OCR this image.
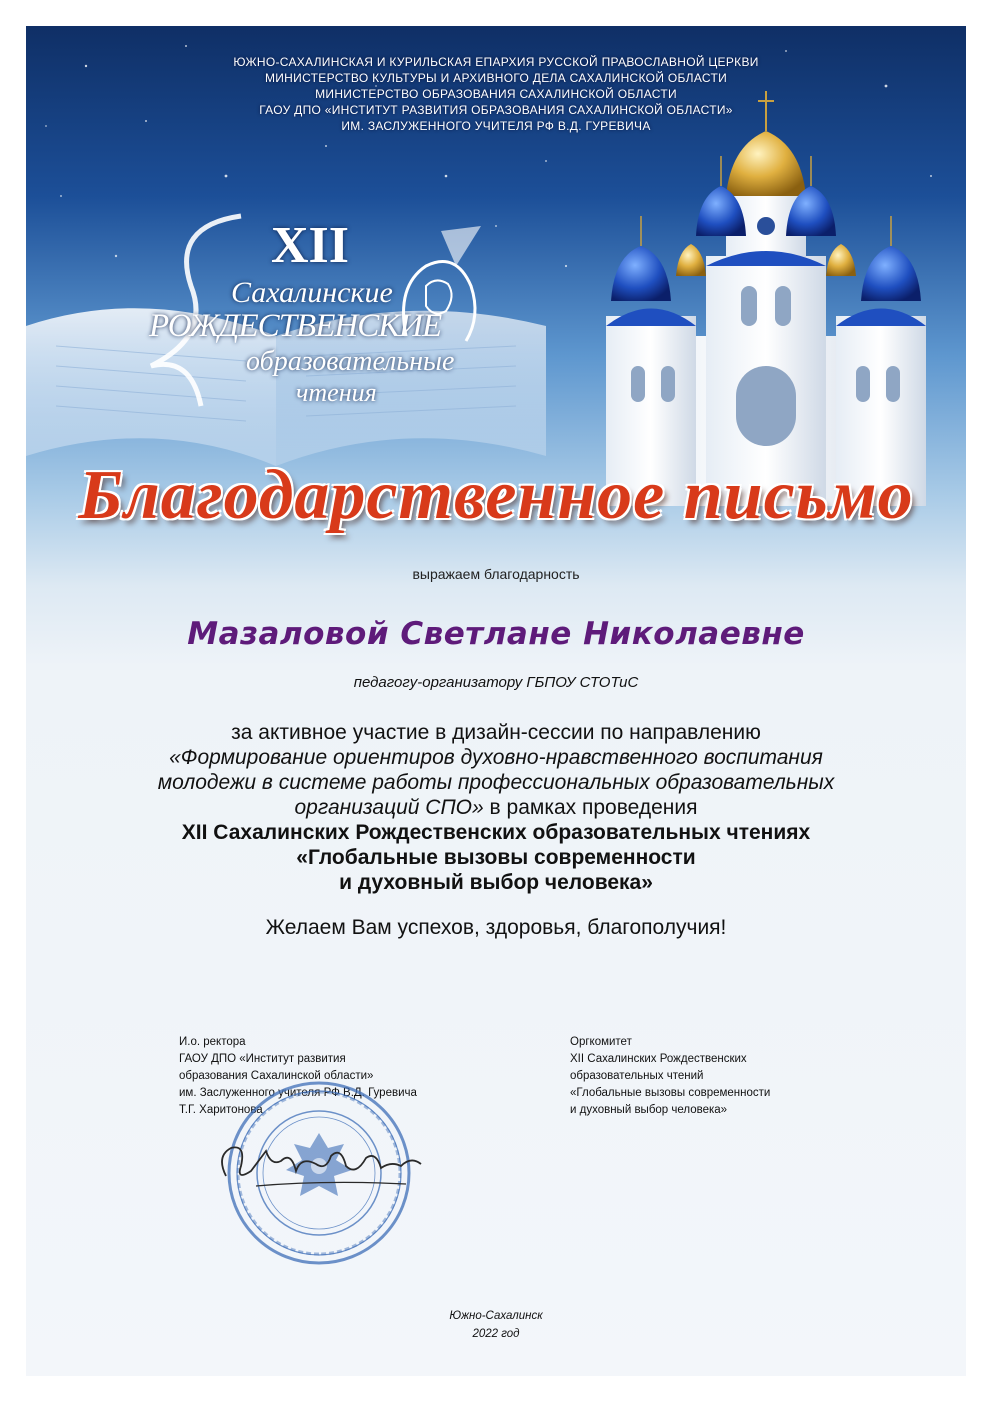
ЮЖНО-САХАЛИНСКАЯ И КУРИЛЬСКАЯ ЕПАРХИЯ РУССКОЙ ПРАВОСЛАВНОЙ ЦЕРКВИ
МИНИСТЕРСТВО КУЛЬТУРЫ И АРХИВНОГО ДЕЛА САХАЛИНСКОЙ ОБЛАСТИ
МИНИСТЕРСТВО ОБРАЗОВАНИЯ САХАЛИНСКОЙ ОБЛАСТИ
ГАОУ ДПО «ИНСТИТУТ РАЗВИТИЯ ОБРАЗОВАНИЯ САХАЛИНСКОЙ ОБЛАСТИ»
ИМ. ЗАСЛУЖЕННОГО УЧИТЕЛЯ РФ В.Д. ГУРЕВИЧА
XII
Сахалинские
РОЖДЕСТВЕНСКИЕ
образовательные
чтения
Благодарственное письмо
выражаем благодарность
Мазаловой Светлане Николаевне
педагогу-организатору ГБПОУ СТОТиС
за активное участие в дизайн-сессии по направлению
«Формирование ориентиров духовно-нравственного воспитания
молодежи в системе работы профессиональных образовательных
организаций СПО» в рамках проведения
XII Сахалинских Рождественских образовательных чтениях
«Глобальные вызовы современности
и духовный выбор человека»
Желаем Вам успехов, здоровья, благополучия!
И.о. ректора
ГАОУ ДПО «Институт развития
образования Сахалинской области»
им. Заслуженного учителя РФ В.Д. Гуревича
Т.Г. Харитонова
Оргкомитет
XII Сахалинских Рождественских
образовательных чтений
«Глобальные вызовы современности
и духовный выбор человека»
Южно-Сахалинск
2022 год
